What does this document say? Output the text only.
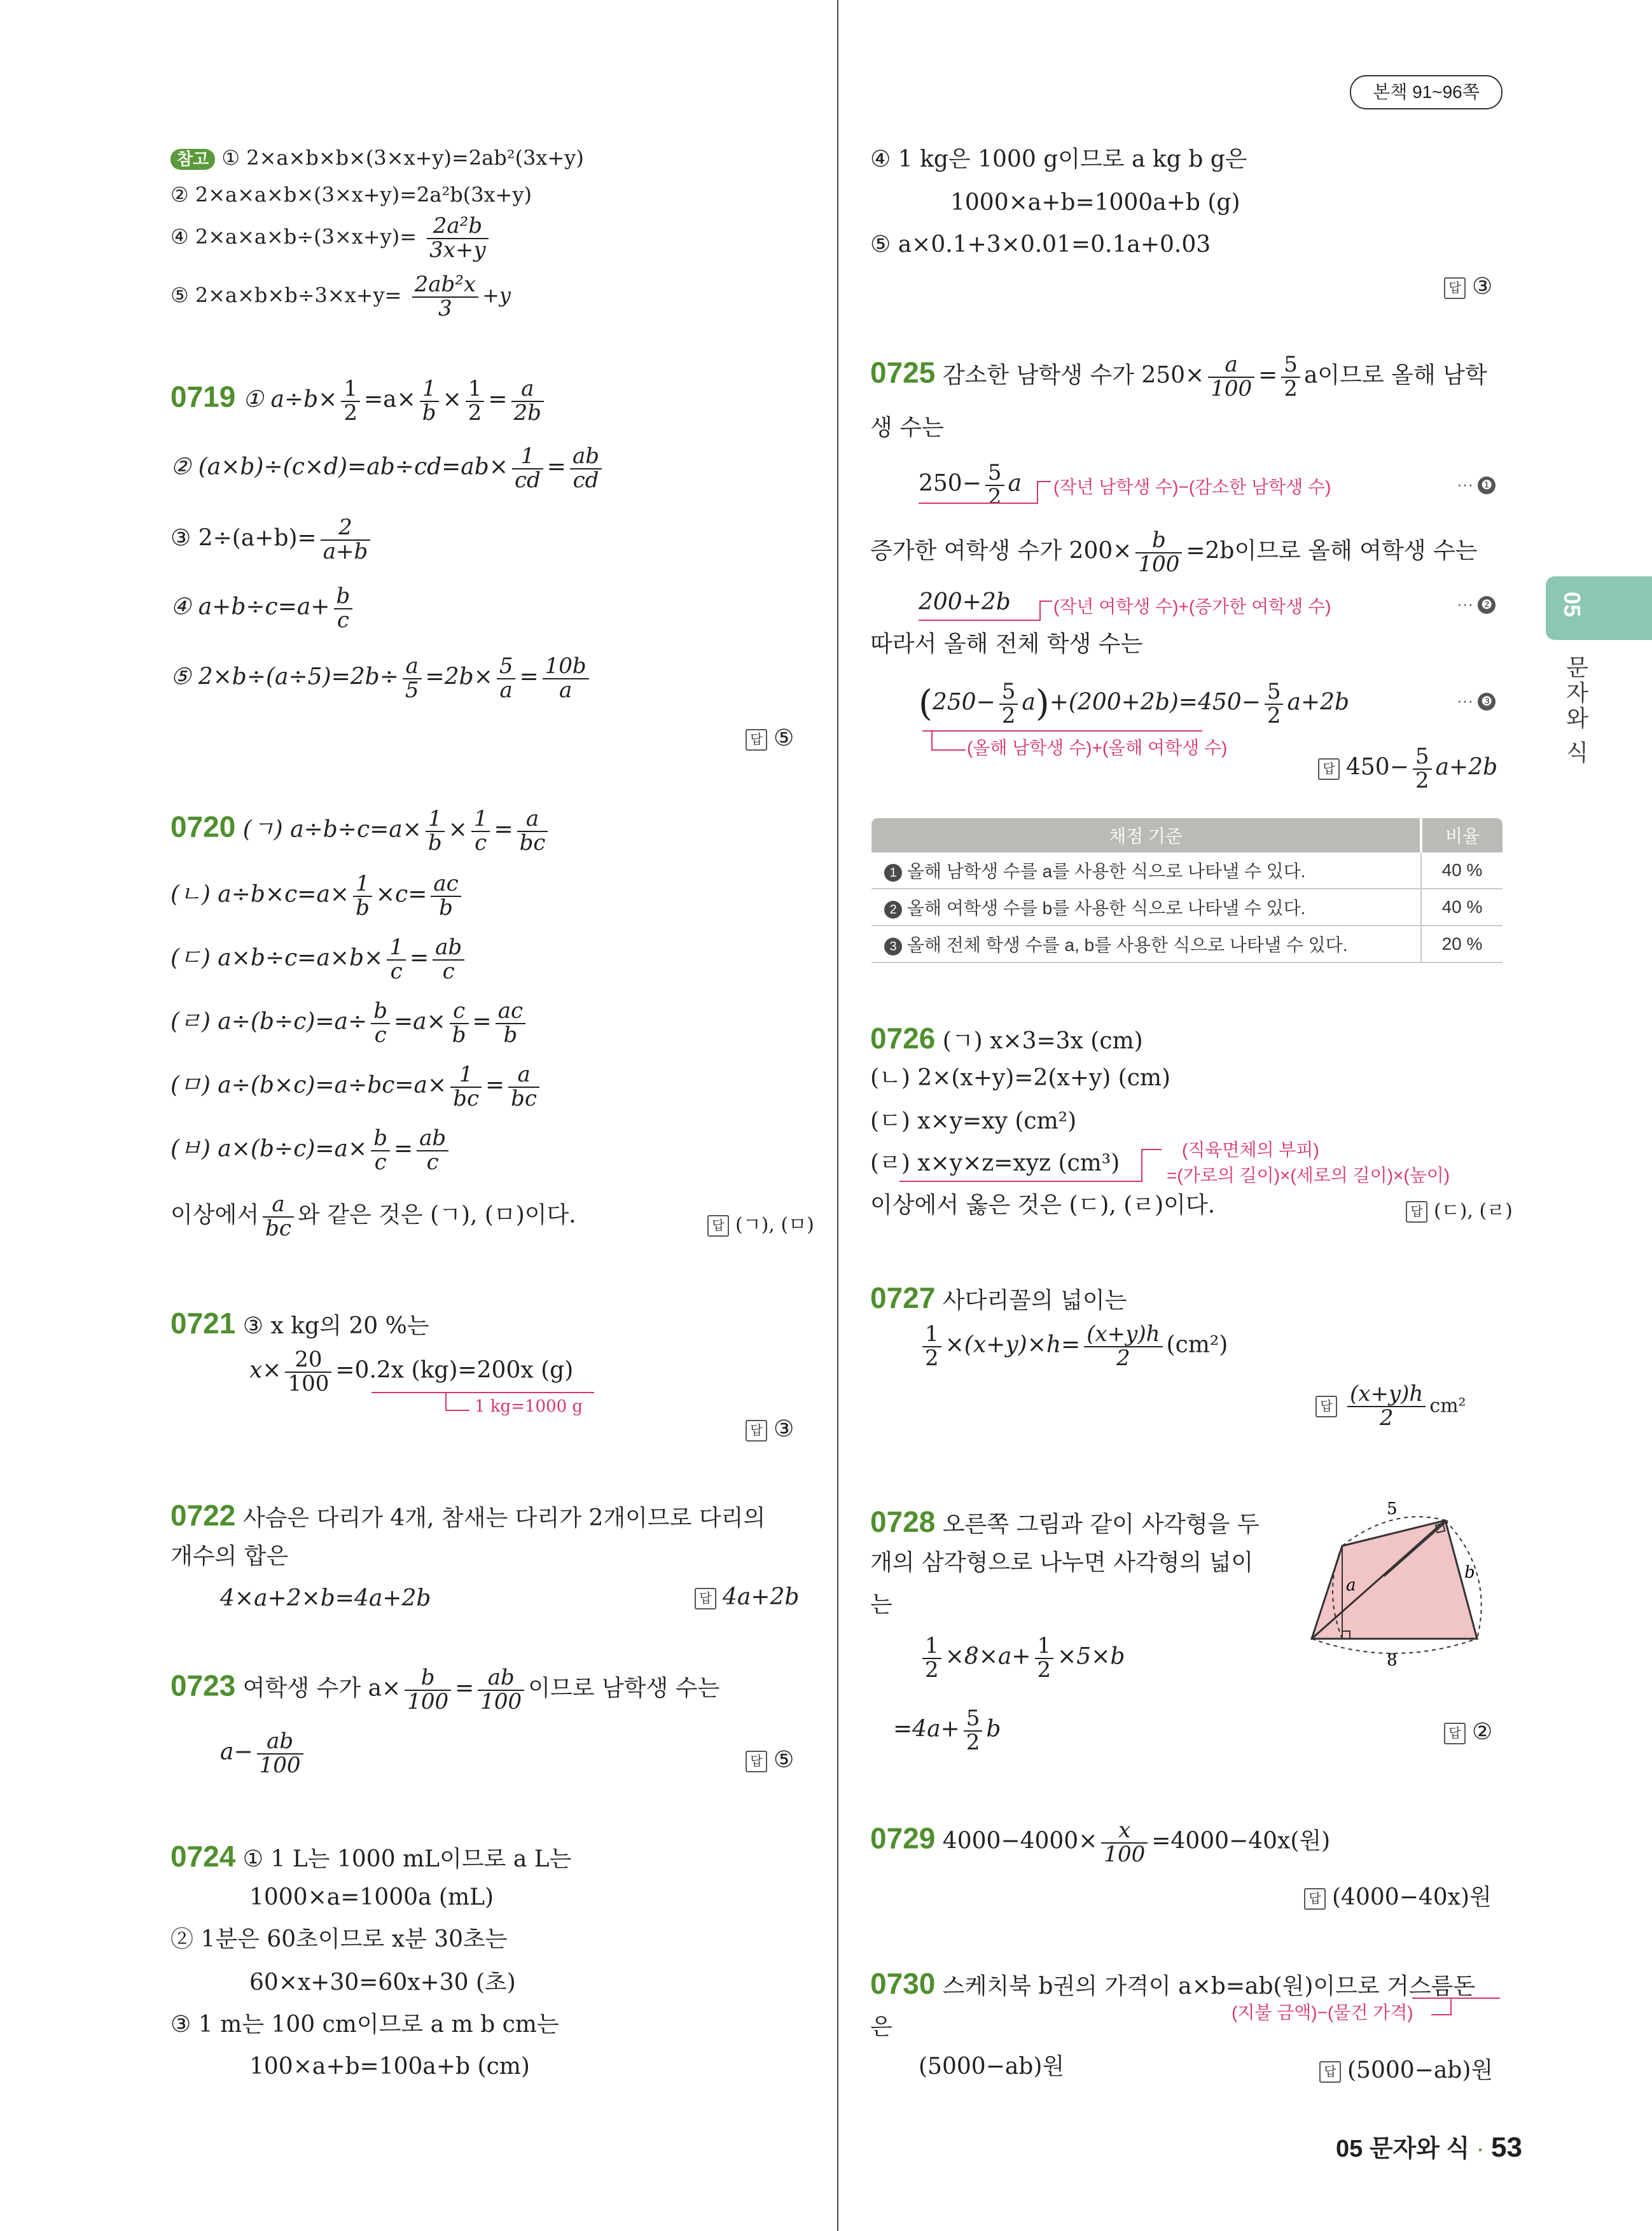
본책 91~96쪽
05
문자와 식
참고 ① 2×a×b×b×(3×x+y)=2ab²(3x+y)
② 2×a×a×b×(3×x+y)=2a²b(3x+y)
④ $2\times a\times a\times b\div(3\times x+y)= \frac{\text{2a²b}}{3x+y}$
⑤ $2\times a\times b\times b\div 3\times x+y= \frac{\text{2ab²x}}{3} +y$
0719 ① $a\div b\times \frac{1}{2} =a\times \frac{1}{b} \times \frac{1}{2} = \frac{a}{2b}$
② $(a\times b)\div(c\times d)=ab\div cd=ab\times \frac{1}{cd} = \frac{ab}{cd}$
③ $2\div(a+b)= \frac{2}{a+b}$
④ $a+b\div c=a+ \frac{b}{c}$
⑤ $2\times b\div(a\div 5)=2b\div \frac{a}{5} =2b\times \frac{5}{a} = \frac{10b}{a}$
답 ⑤
0720 (ㄱ) $a\div b\div c=a\times \frac{1}{b} \times \frac{1}{c} = \frac{a}{bc}$
(ㄴ) $a\div b\times c=a\times \frac{1}{b} \times c= \frac{ac}{b}$
(ㄷ) $a\times b\div c=a\times b\times \frac{1}{c} = \frac{ab}{c}$
(ㄹ) $a\div(b\div c)=a\div \frac{b}{c} =a\times \frac{c}{b} = \frac{ac}{b}$
(ㅁ) $a\div(b\times c)=a\div bc=a\times \frac{1}{bc} = \frac{a}{bc}$
(ㅂ) $a\times(b\div c)=a\times \frac{b}{c} = \frac{ab}{c}$
이상에서 $\frac{a}{bc}$ 와 같은 것은 (ㄱ), (ㅁ)이다.	답 (ㄱ), (ㅁ)
0721 ③ x kg의 20 %는
$x\times \frac{20}{100} =0.2x$ (kg)=200x (g)
1 kg=1000 g
답 ③
0722 사슴은 다리가 4개, 참새는 다리가 2개이므로 다리의
개수의 합은
4×a+2×b=4a+2b	답 4a+2b
0723 여학생 수가 $a\times \frac{b}{100} = \frac{ab}{100}$ 이므로 남학생 수는
$a- \frac{ab}{100}$	답 ⑤
0724 ① 1 L는 1000 mL이므로 a L는
1000×a=1000a (mL)
② 1분은 60초이므로 x분 30초는
60×x+30=60x+30 (초)
③ 1 m는 100 cm이므로 a m b cm는
100×a+b=100a+b (cm)
④ 1 kg은 1000 g이므로 a kg b g은
1000×a+b=1000a+b (g)
⑤ a×0.1+3×0.01=0.1a+0.03
답 ③
0725 감소한 남학생 수가 $250\times \frac{a}{100} = \frac{5}{2}$ a이므로 올해 남학
생 수는
$250- \frac{5}{2}$ a (작년 남학생 수)−(감소한 남학생 수)	··· ❶
증가한 여학생 수가 $200\times \frac{b}{100} =2b$이므로 올해 여학생 수는
200+2b (작년 여학생 수)+(증가한 여학생 수)	··· ❷
따라서 올해 전체 학생 수는
$(250- \frac{5}{2} a)+(200+2b)=450- \frac{5}{2} a+2b$
(올해 남학생 수)+(올해 여학생 수)
··· ❸
답 $450- \frac{5}{2} a+2b$
채점 기준	비율
1 올해 남학생 수를 a를 사용한 식으로 나타낼 수 있다.	40 %
2 올해 여학생 수를 b를 사용한 식으로 나타낼 수 있다.	40 %
3 올해 전체 학생 수를 a, b를 사용한 식으로 나타낼 수 있다.	20 %
0726 (ㄱ) x×3=3x (cm)
(ㄴ) 2×(x+y)=2(x+y) (cm)
(ㄷ) x×y=xy (cm²)
(ㄹ) x×y×z=xyz (cm³)
(직육면체의 부피)
=(가로의 길이)×(세로의 길이)×(높이)
이상에서 옳은 것은 (ㄷ), (ㄹ)이다.	답 (ㄷ), (ㄹ)
0727 사다리꼴의 넓이는
$\frac{1}{2} \times(x+y)\times h= \frac{(x+y)h}{2} (cm^2)$
답 $\frac{(x+y)h}{2} cm^2$
0728 오른쪽 그림과 같이 사각형을 두
개의 삼각형으로 나누면 사각형의 넓이
는
$\frac{1}{2} \times 8\times a+ \frac{1}{2} \times 5\times b$
$=4a+ \frac{5}{2}$ b	답 ②
5
8
a
b
0729 $4000-4000\times \frac{x}{100} =4000-40x$(원)
답 (4000−40x)원
0730 스케치북 b권의 가격이 a×b=ab(원)이므로 거스름돈
(지불 금액)−(물건 가격)
은
(5000−ab)원	답 (5000−ab)원
05 문자와 식 · 53
